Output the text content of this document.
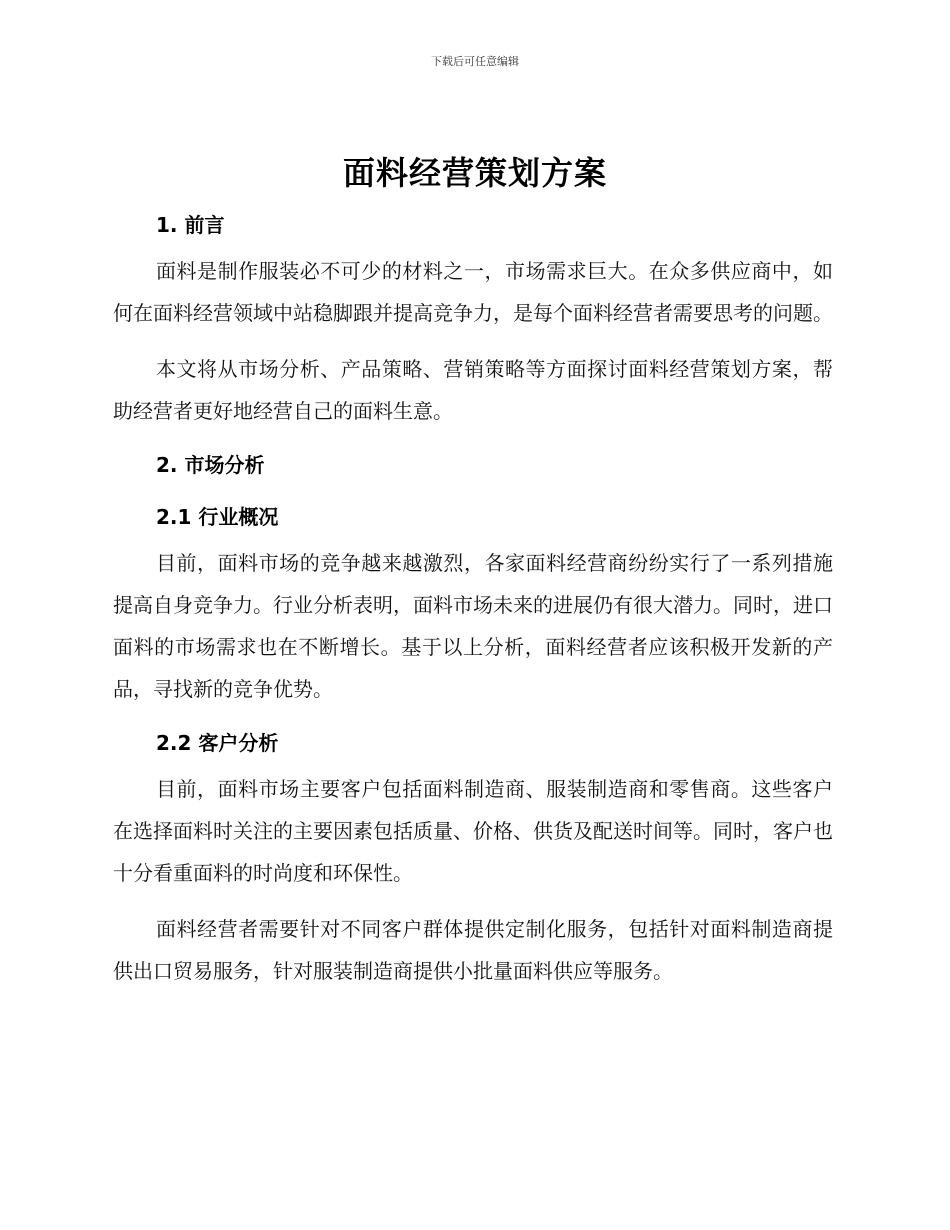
下载后可任意编辑
面料经营策划方案
1. 前言

面料是制作服装必不可少的材料之一，市场需求巨大。在众多供应商中，如何在面料经营领域中站稳脚跟并提高竞争力，是每个面料经营者需要思考的问题。

本文将从市场分析、产品策略、营销策略等方面探讨面料经营策划方案，帮助经营者更好地经营自己的面料生意。

2. 市场分析
2.1 行业概况

目前，面料市场的竞争越来越激烈，各家面料经营商纷纷实行了一系列措施提高自身竞争力。行业分析表明，面料市场未来的进展仍有很大潜力。同时，进口面料的市场需求也在不断增长。基于以上分析，面料经营者应该积极开发新的产品，寻找新的竞争优势。

2.2 客户分析

目前，面料市场主要客户包括面料制造商、服装制造商和零售商。这些客户在选择面料时关注的主要因素包括质量、价格、供货及配送时间等。同时，客户也十分看重面料的时尚度和环保性。

面料经营者需要针对不同客户群体提供定制化服务，包括针对面料制造商提供出口贸易服务，针对服装制造商提供小批量面料供应等服务。
